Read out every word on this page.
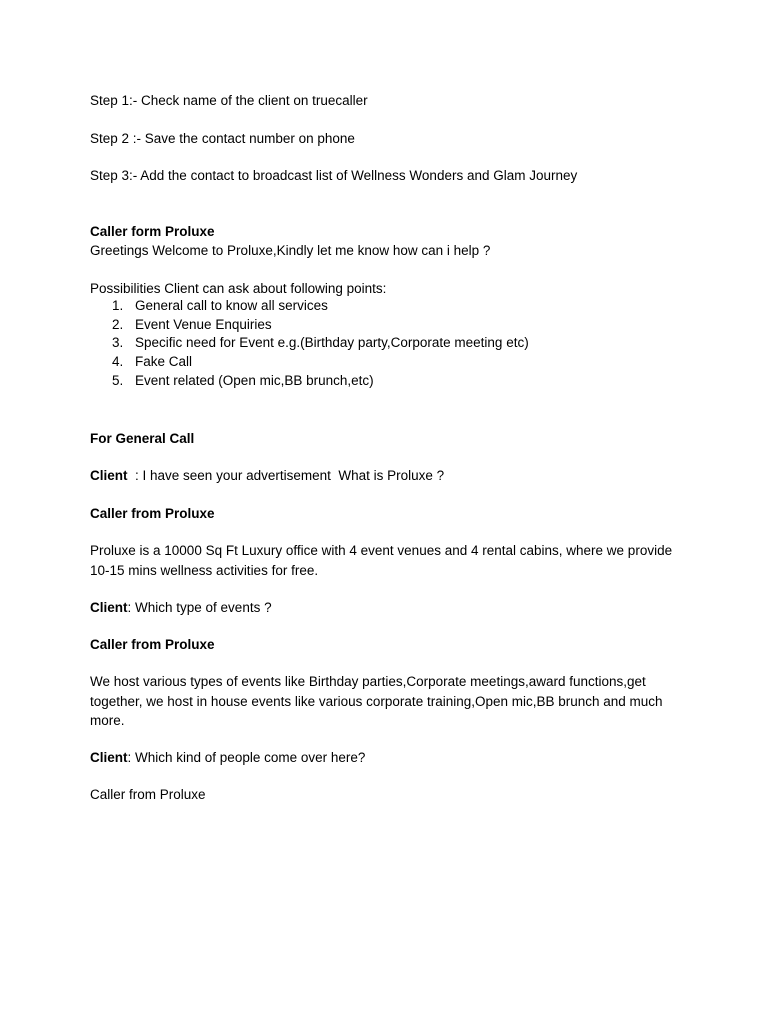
Step 1:- Check name of the client on truecaller
Step 2 :- Save the contact number on phone
Step 3:- Add the contact to broadcast list of Wellness Wonders and Glam Journey
Caller form Proluxe
Greetings Welcome to Proluxe,Kindly let me know how can i help ?
Possibilities Client can ask about following points:
1. General call to know all services
2. Event Venue Enquiries
3. Specific need for Event e.g.(Birthday party,Corporate meeting etc)
4. Fake Call
5. Event related (Open mic,BB brunch,etc)
For General Call
Client  : I have seen your advertisement  What is Proluxe ?
Caller from Proluxe
Proluxe is a 10000 Sq Ft Luxury office with 4 event venues and 4 rental cabins, where we provide 10-15 mins wellness activities for free.
Client: Which type of events ?
Caller from Proluxe
We host various types of events like Birthday parties,Corporate meetings,award functions,get together, we host in house events like various corporate training,Open mic,BB brunch and much more.
Client: Which kind of people come over here?
Caller from Proluxe
